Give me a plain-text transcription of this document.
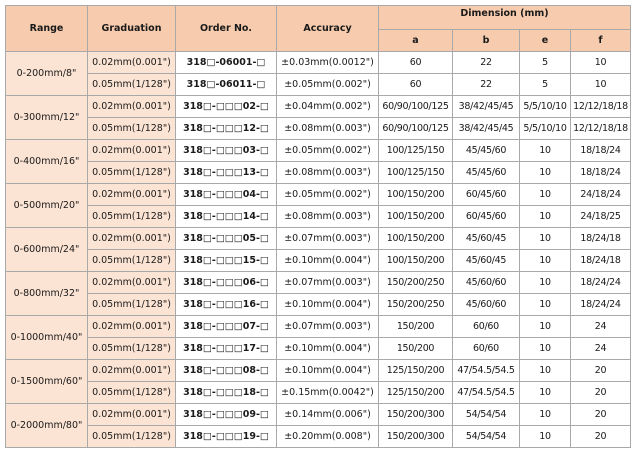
Range	Graduation	Order No.	Accuracy	Dimension (mm)			
				a	b	e	f
0-200mm/8"	0.02mm(0.001")	318□-06001-□	±0.03mm(0.0012")	60	22	5	10
	0.05mm(1/128")	318□-06011-□	±0.05mm(0.002")	60	22	5	10
0-300mm/12"	0.02mm(0.001")	318□-□□□02-□	±0.04mm(0.002")	60/90/100/125	38/42/45/45	5/5/10/10	12/12/18/18
	0.05mm(1/128")	318□-□□□12-□	±0.08mm(0.003")	60/90/100/125	38/42/45/45	5/5/10/10	12/12/18/18
0-400mm/16"	0.02mm(0.001")	318□-□□□03-□	±0.05mm(0.002")	100/125/150	45/45/60	10	18/18/24
	0.05mm(1/128")	318□-□□□13-□	±0.08mm(0.003")	100/125/150	45/45/60	10	18/18/24
0-500mm/20"	0.02mm(0.001")	318□-□□□04-□	±0.05mm(0.002")	100/150/200	60/45/60	10	24/18/24
	0.05mm(1/128")	318□-□□□14-□	±0.08mm(0.003")	100/150/200	60/45/60	10	24/18/25
0-600mm/24"	0.02mm(0.001")	318□-□□□05-□	±0.07mm(0.003")	100/150/200	45/60/45	10	18/24/18
	0.05mm(1/128")	318□-□□□15-□	±0.10mm(0.004")	100/150/200	45/60/45	10	18/24/18
0-800mm/32"	0.02mm(0.001")	318□-□□□06-□	±0.07mm(0.003")	150/200/250	45/60/60	10	18/24/24
	0.05mm(1/128")	318□-□□□16-□	±0.10mm(0.004")	150/200/250	45/60/60	10	18/24/24
0-1000mm/40"	0.02mm(0.001")	318□-□□□07-□	±0.07mm(0.003")	150/200	60/60	10	24
	0.05mm(1/128")	318□-□□□17-□	±0.10mm(0.004")	150/200	60/60	10	24
0-1500mm/60"	0.02mm(0.001")	318□-□□□08-□	±0.10mm(0.004")	125/150/200	47/54.5/54.5	10	20
	0.05mm(1/128")	318□-□□□18-□	±0.15mm(0.0042")	125/150/200	47/54.5/54.5	10	20
0-2000mm/80"	0.02mm(0.001")	318□-□□□09-□	±0.14mm(0.006")	150/200/300	54/54/54	10	20
	0.05mm(1/128")	318□-□□□19-□	±0.20mm(0.008")	150/200/300	54/54/54	10	20
